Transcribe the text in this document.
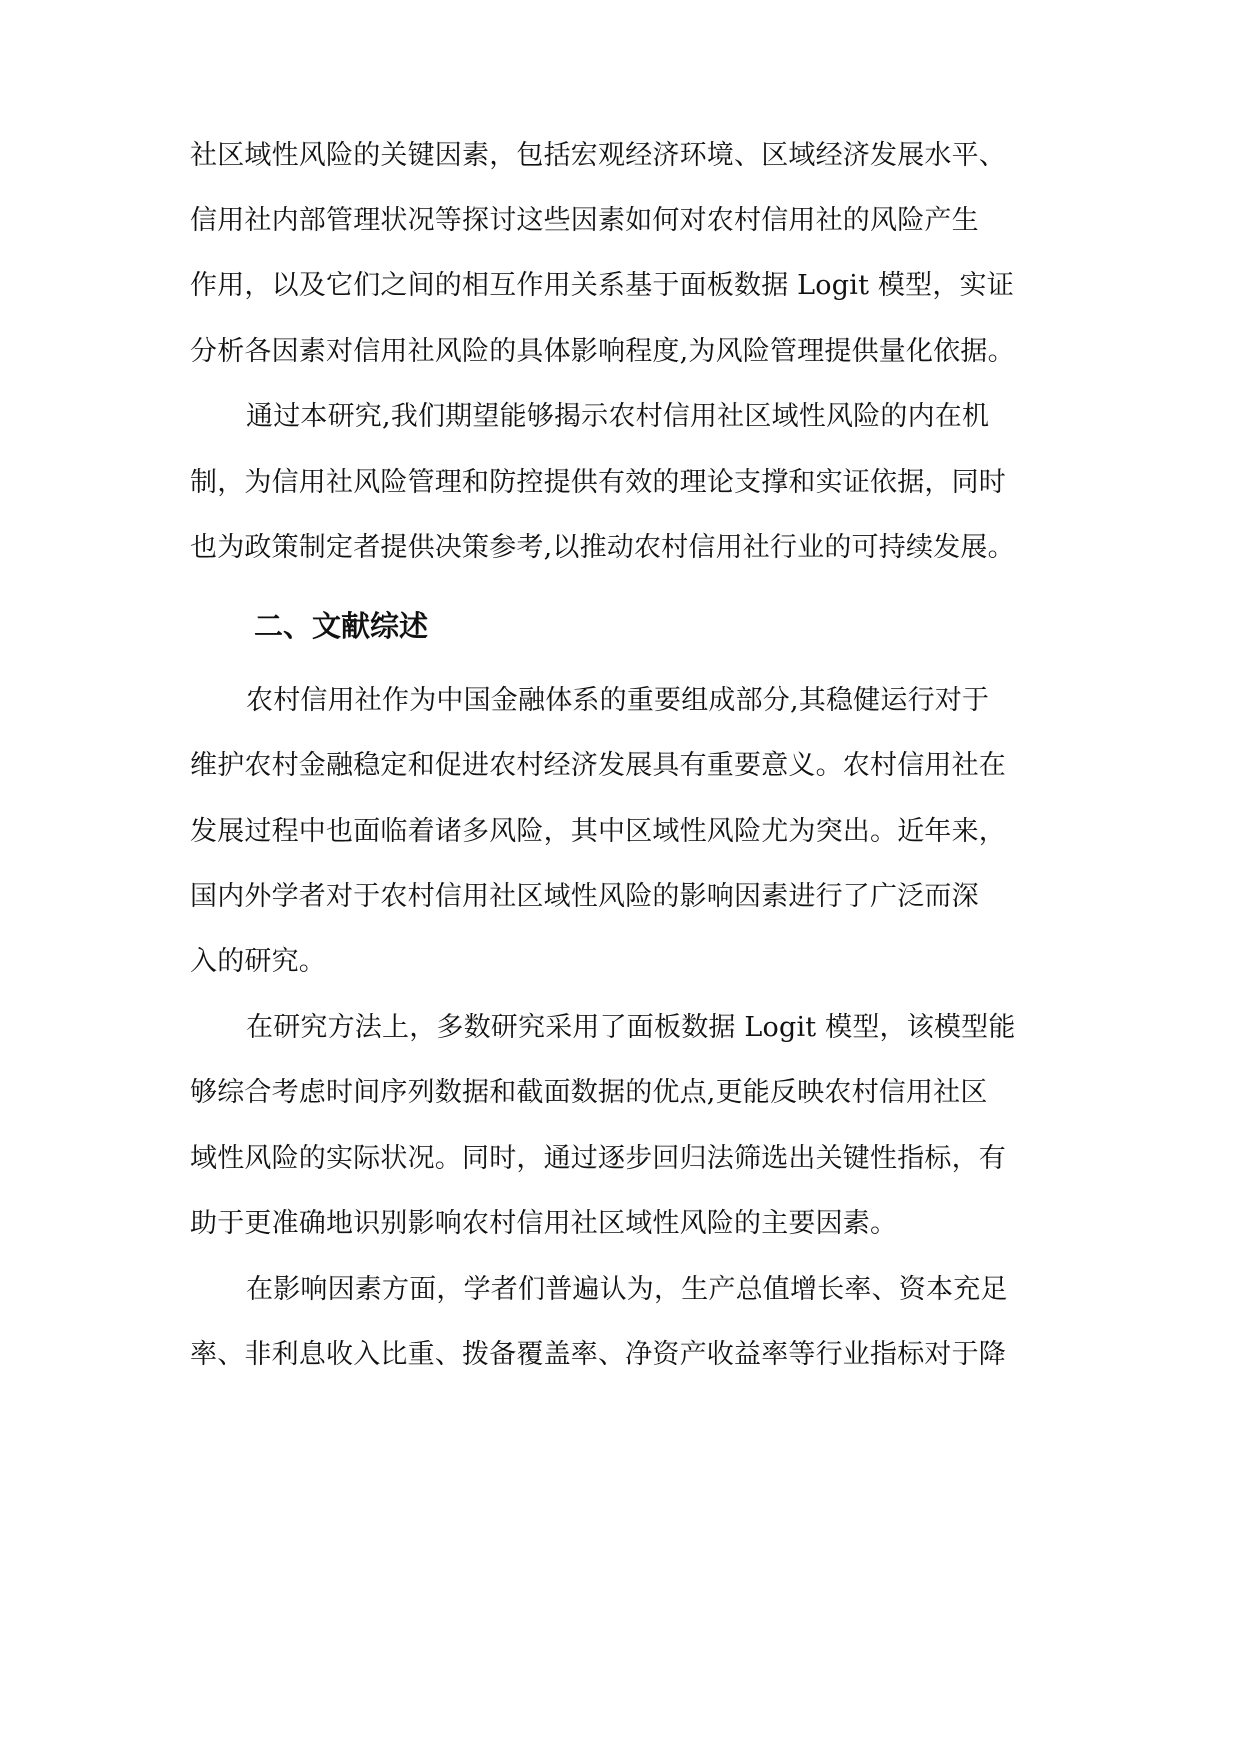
社区域性风险的关键因素，包括宏观经济环境、区域经济发展水平、
信用社内部管理状况等探讨这些因素如何对农村信用社的风险产生
作用，以及它们之间的相互作用关系基于面板数据 Logit 模型，实证
分析各因素对信用社风险的具体影响程度,为风险管理提供量化依据。
通过本研究,我们期望能够揭示农村信用社区域性风险的内在机
制，为信用社风险管理和防控提供有效的理论支撑和实证依据，同时
也为政策制定者提供决策参考,以推动农村信用社行业的可持续发展。
二、文献综述
农村信用社作为中国金融体系的重要组成部分,其稳健运行对于
维护农村金融稳定和促进农村经济发展具有重要意义。农村信用社在
发展过程中也面临着诸多风险，其中区域性风险尤为突出。近年来，
国内外学者对于农村信用社区域性风险的影响因素进行了广泛而深
入的研究。
在研究方法上，多数研究采用了面板数据 Logit 模型，该模型能
够综合考虑时间序列数据和截面数据的优点,更能反映农村信用社区
域性风险的实际状况。同时，通过逐步回归法筛选出关键性指标，有
助于更准确地识别影响农村信用社区域性风险的主要因素。
在影响因素方面，学者们普遍认为，生产总值增长率、资本充足
率、非利息收入比重、拨备覆盖率、净资产收益率等行业指标对于降
